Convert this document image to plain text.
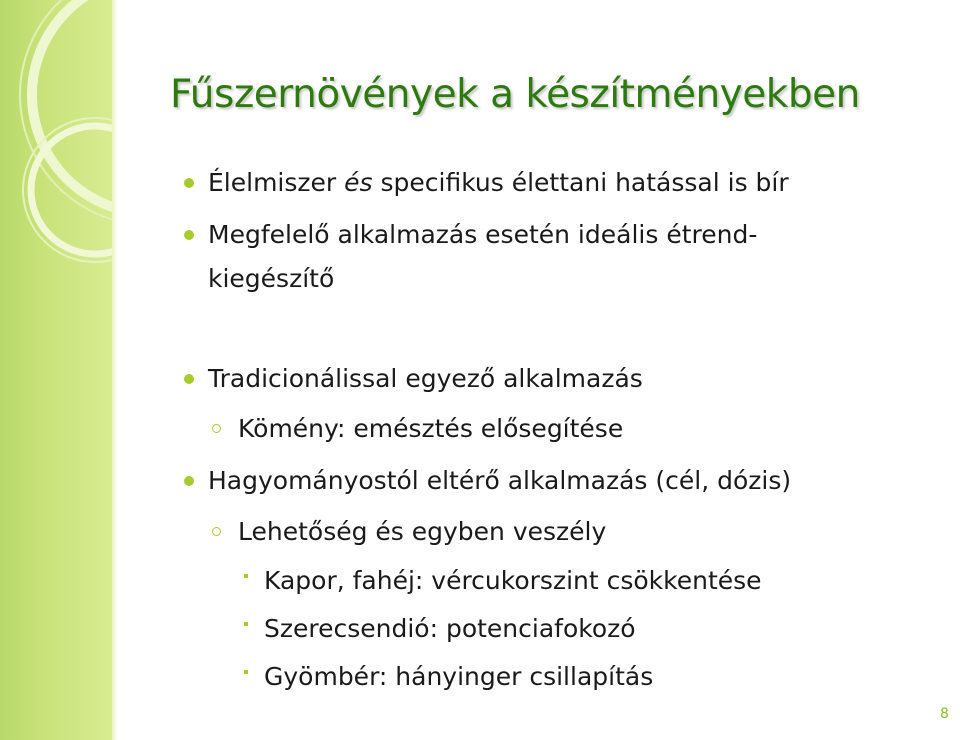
Fűszernövények a készítményekben
Élelmiszer és specifikus élettani hatással is bír
Megfelelő alkalmazás esetén ideális étrend-
kiegészítő
Tradicionálissal egyező alkalmazás
Kömény: emésztés elősegítése
Hagyományostól eltérő alkalmazás (cél, dózis)
Lehetőség és egyben veszély
Kapor, fahéj: vércukorszint csökkentése
Szerecsendió: potenciafokozó
Gyömbér: hányinger csillapítás
8
